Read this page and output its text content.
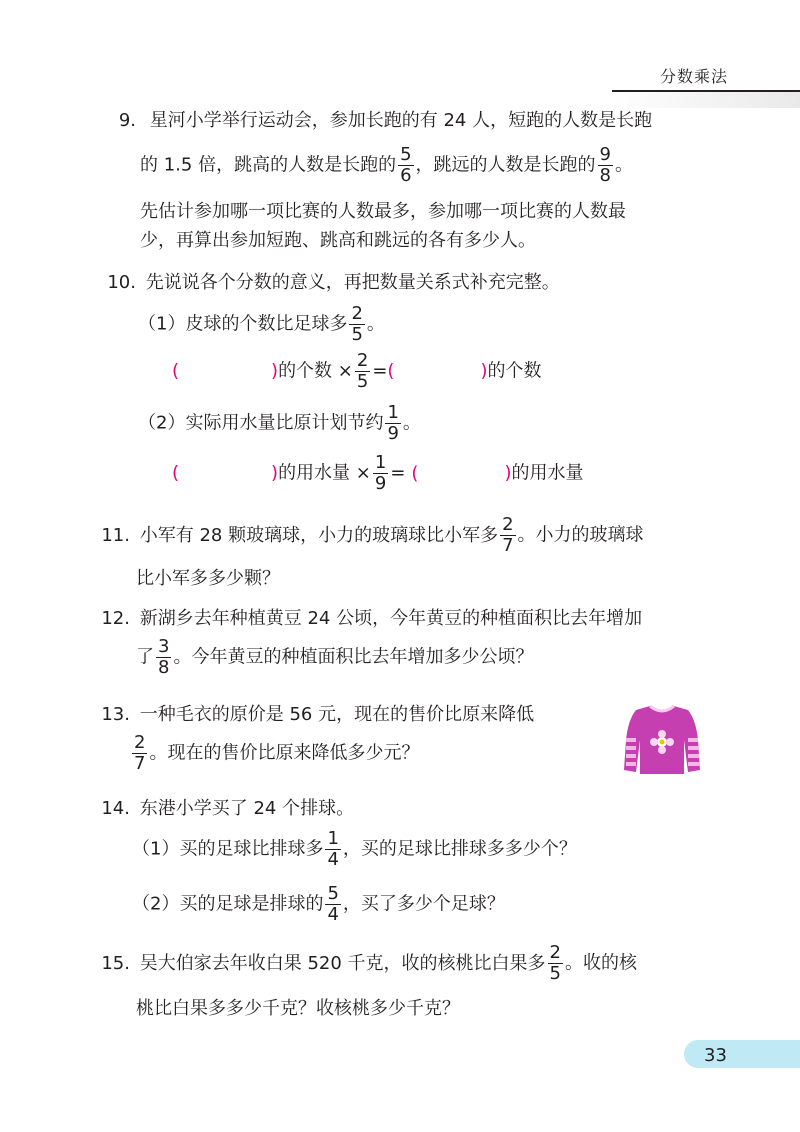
分数乘法
9. 星河小学举行运动会，参加长跑的有 24 人，短跑的人数是长跑
的 1.5 倍，跳高的人数是长跑的 $\frac{5}{6}$ ，跳远的人数是长跑的 $\frac{9}{8}$ 。
先估计参加哪一项比赛的人数最多，参加哪一项比赛的人数最
少，再算出参加短跑、跳高和跳远的各有多少人。
10. 先说说各个分数的意义，再把数量关系式补充完整。
（1）皮球的个数比足球多 $\frac{2}{5}$ 。
(	)的个数 × $\frac{2}{5}$ =(	)的个数
（2）实际用水量比原计划节约 $\frac{1}{9}$ 。
(	)的用水量 × $\frac{1}{9}$ = (	)的用水量
11. 小军有 28 颗玻璃球，小力的玻璃球比小军多 $\frac{2}{7}$ 。小力的玻璃球
比小军多多少颗？
12. 新湖乡去年种植黄豆 24 公顷，今年黄豆的种植面积比去年增加
了 $\frac{3}{8}$ 。今年黄豆的种植面积比去年增加多少公顷？
13. 一种毛衣的原价是 56 元，现在的售价比原来降低
$\frac{2}{7}$ 。现在的售价比原来降低多少元？
14. 东港小学买了 24 个排球。
（1）买的足球比排球多 $\frac{1}{4}$ ，买的足球比排球多多少个？
（2）买的足球是排球的 $\frac{5}{4}$ ，买了多少个足球？
15. 吴大伯家去年收白果 520 千克，收的核桃比白果多 $\frac{2}{5}$ 。收的核
桃比白果多多少千克？收核桃多少千克？
33
